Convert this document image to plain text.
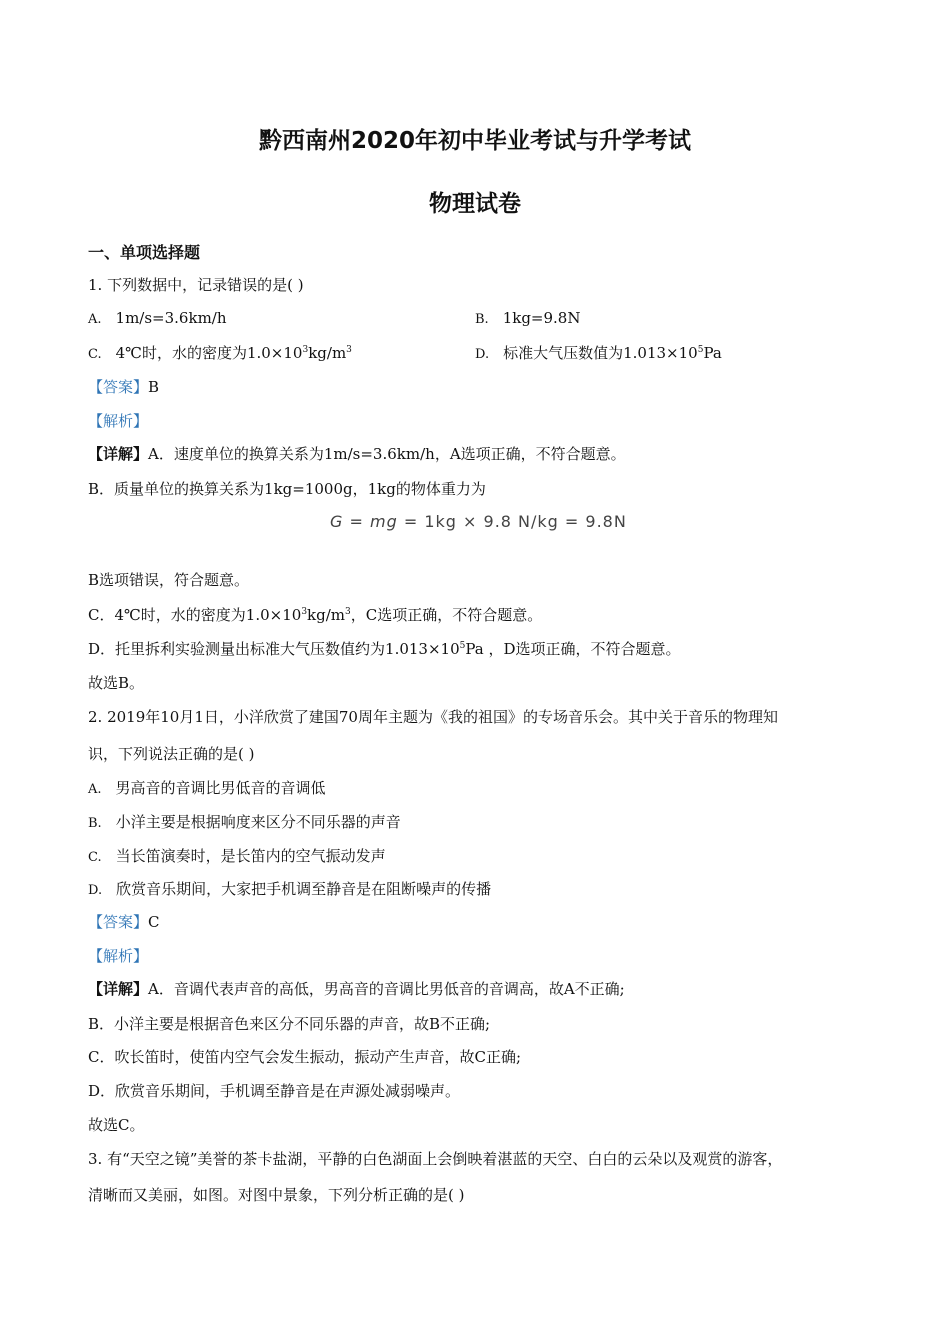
黔西南州2020年初中毕业考试与升学考试
物理试卷
一、单项选择题
1. 下列数据中，记录错误的是( )
A. 1m/s=3.6km/h	B. 1kg=9.8N
C. 4℃时，水的密度为$1.0\times 10^3kg/m^3$	D. 标准大气压数值为$1.013\times 10^5Pa$
【答案】B
【解析】
【详解】A．速度单位的换算关系为1m/s=3.6km/h，A选项正确，不符合题意。
B．质量单位的换算关系为1kg=1000g，1kg的物体重力为
G = mg = 1kg × 9.8 N/kg = 9.8N
B选项错误，符合题意。
C．4℃时，水的密度为$1.0\times 10^3kg/m^3$，C选项正确，不符合题意。
D．托里拆利实验测量出标准大气压数值约为$1.013\times 10^5Pa$ ，D选项正确，不符合题意。
故选B。
2. 2019年10月1日，小洋欣赏了建国70周年主题为《我的祖国》的专场音乐会。其中关于音乐的物理知
识，下列说法正确的是( )
A. 男高音的音调比男低音的音调低
B. 小洋主要是根据响度来区分不同乐器的声音
C. 当长笛演奏时，是长笛内的空气振动发声
D. 欣赏音乐期间，大家把手机调至静音是在阻断噪声的传播
【答案】C
【解析】
【详解】A．音调代表声音的高低，男高音的音调比男低音的音调高，故A不正确;
B．小洋主要是根据音色来区分不同乐器的声音，故B不正确;
C．吹长笛时，使笛内空气会发生振动，振动产生声音，故C正确;
D．欣赏音乐期间，手机调至静音是在声源处减弱噪声。
故选C。
3. 有“天空之镜”美誉的茶卡盐湖，平静的白色湖面上会倒映着湛蓝的天空、白白的云朵以及观赏的游客，
清晰而又美丽，如图。对图中景象，下列分析正确的是( )
